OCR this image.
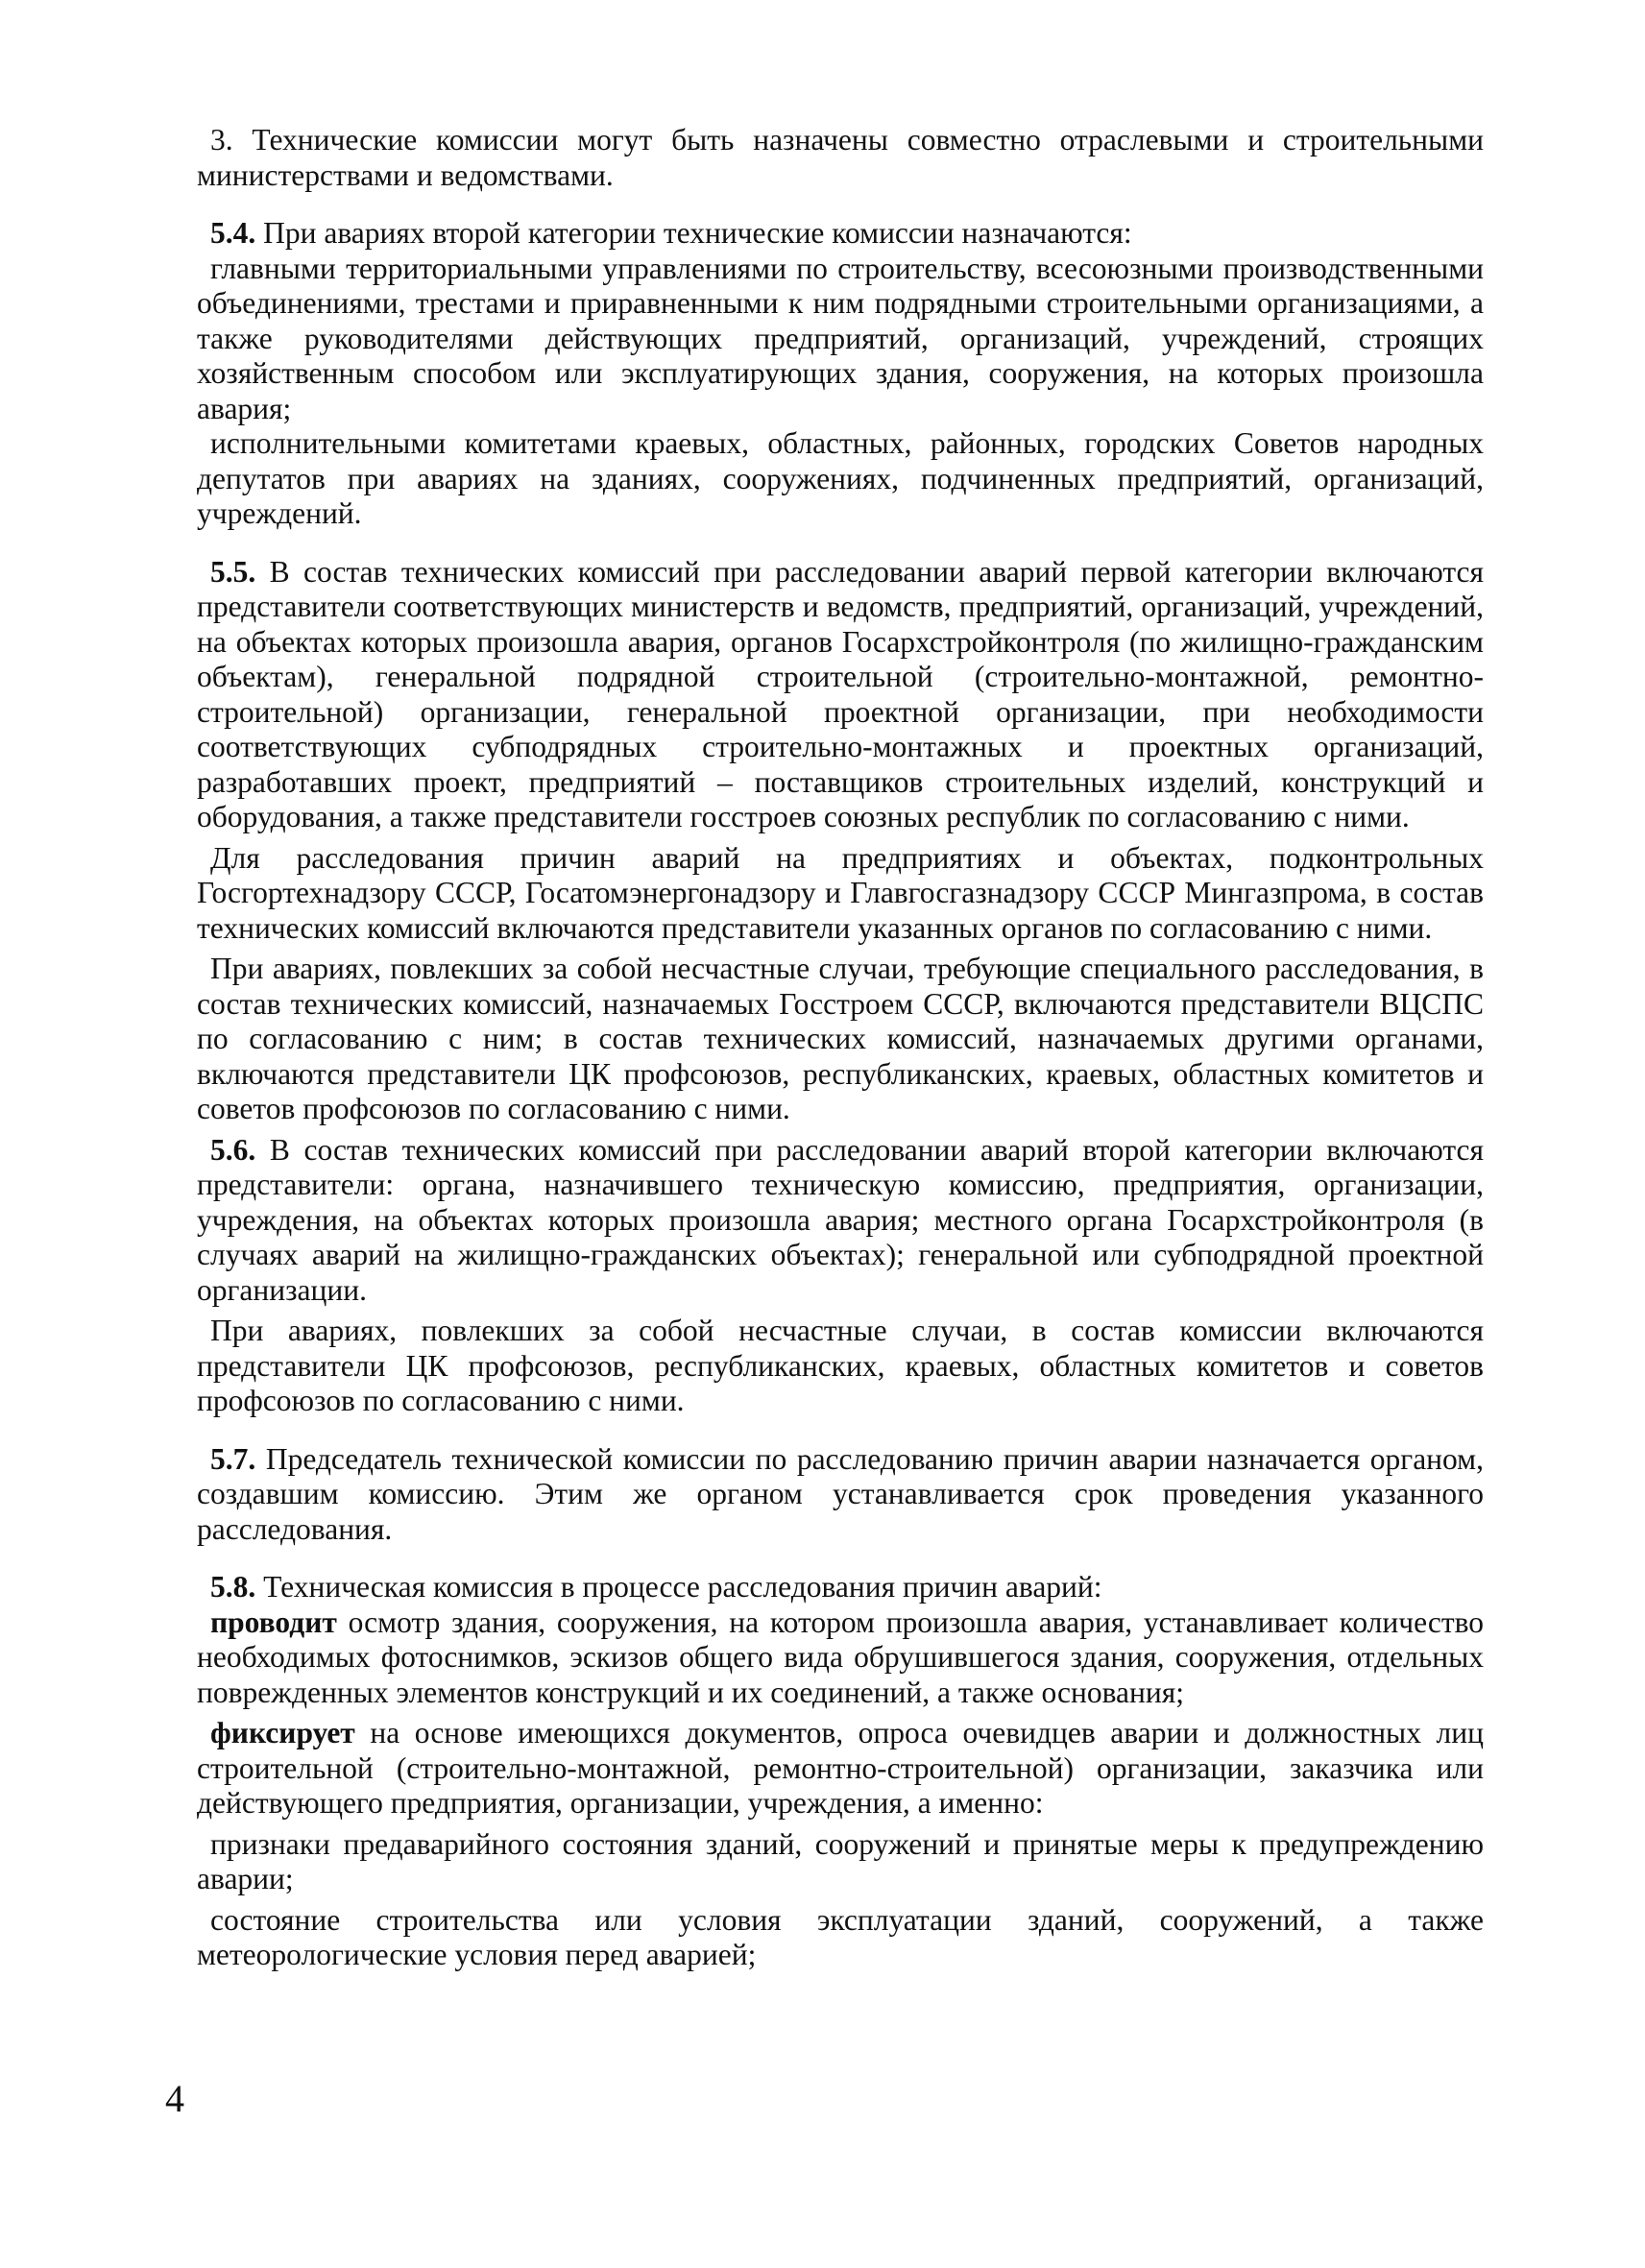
3. Технические комиссии могут быть назначены совместно отраслевыми и строительными министерствами и ведомствами.

5.4. При авариях второй категории технические комиссии назначаются:

главными территориальными управлениями по строительству, всесоюзными производственными объединениями, трестами и приравненными к ним подрядными строительными организациями, а также руководителями действующих предприятий, организаций, учреждений, строящих хозяйственным способом или эксплуатирующих здания, сооружения, на которых произошла авария;

исполнительными комитетами краевых, областных, районных, городских Советов народных депутатов при авариях на зданиях, сооружениях, подчиненных предприятий, организаций, учреждений.

5.5. В состав технических комиссий при расследовании аварий первой категории включаются представители соответствующих министерств и ведомств, предприятий, организаций, учреждений, на объектах которых произошла авария, органов Госархстройконтроля (по жилищно-гражданским объектам), генеральной подрядной строительной (строительно-монтажной, ремонтно-строительной) организации, генеральной проектной организации, при необходимости соответствующих субподрядных строительно-монтажных и проектных организаций, разработавших проект, предприятий – поставщиков строительных изделий, конструкций и оборудования, а также представители госстроев союзных республик по согласованию с ними.

Для расследования причин аварий на предприятиях и объектах, подконтрольных Госгортехнадзору СССР, Госатомэнергонадзору и Главгосгазнадзору СССР Мингазпрома, в состав технических комиссий включаются представители указанных органов по согласованию с ними.

При авариях, повлекших за собой несчастные случаи, требующие специального расследования, в состав технических комиссий, назначаемых Госстроем СССР, включаются представители ВЦСПС по согласованию с ним; в состав технических комиссий, назначаемых другими органами, включаются представители ЦК профсоюзов, республиканских, краевых, областных комитетов и советов профсоюзов по согласованию с ними.

5.6. В состав технических комиссий при расследовании аварий второй категории включаются представители: органа, назначившего техническую комиссию, предприятия, организации, учреждения, на объектах которых произошла авария; местного органа Госархстройконтроля (в случаях аварий на жилищно-гражданских объектах); генеральной или субподрядной проектной организации.

При авариях, повлекших за собой несчастные случаи, в состав комиссии включаются представители ЦК профсоюзов, республиканских, краевых, областных комитетов и советов профсоюзов по согласованию с ними.

5.7. Председатель технической комиссии по расследованию причин аварии назначается органом, создавшим комиссию. Этим же органом устанавливается срок проведения указанного расследования.

5.8. Техническая комиссия в процессе расследования причин аварий:

проводит осмотр здания, сооружения, на котором произошла авария, устанавливает количество необходимых фотоснимков, эскизов общего вида обрушившегося здания, сооружения, отдельных поврежденных элементов конструкций и их соединений, а также основания;

фиксирует на основе имеющихся документов, опроса очевидцев аварии и должностных лиц строительной (строительно-монтажной, ремонтно-строительной) организации, заказчика или действующего предприятия, организации, учреждения, а именно:

признаки предаварийного состояния зданий, сооружений и принятые меры к предупреждению аварии;

состояние строительства или условия эксплуатации зданий, сооружений, а также метеорологические условия перед аварией;

4
